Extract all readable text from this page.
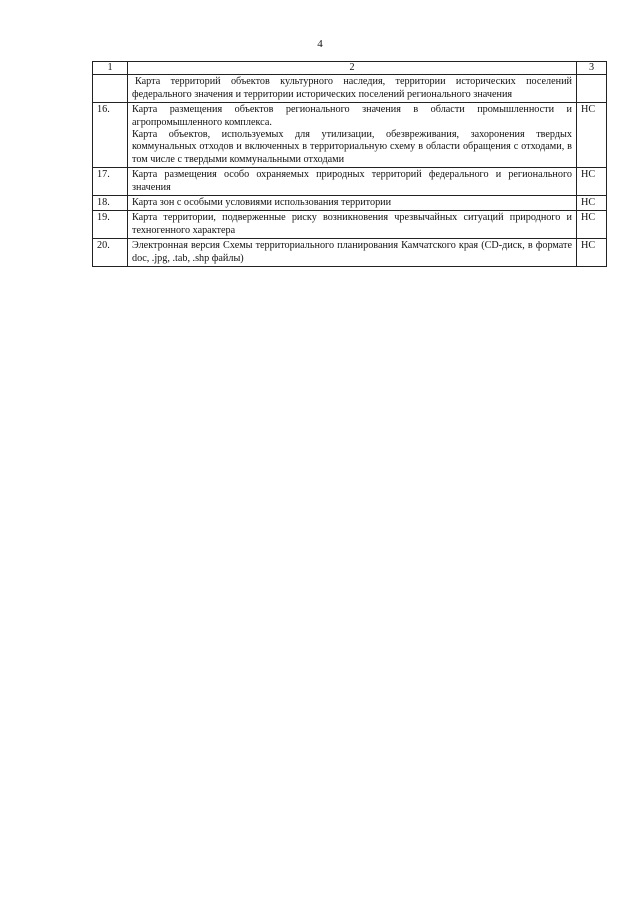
4
1	2	3

	Карта территорий объектов культурного наследия, территории исторических поселений федерального значения и территории исторических поселений регионального значения	

16.	Карта размещения объектов регионального значения в области промышленности и агропромышленного комплекса.
Карта объектов, используемых для утилизации, обезвреживания, захоронения твердых коммунальных отходов и включенных в территориальную схему в области обращения с отходами, в том числе с твердыми коммунальными отходами	НС
17.	Карта размещения особо охраняемых природных территорий федерального и регионального значения	НС
18.	Карта зон с особыми условиями использования территории	НС
19.	Карта территории, подверженные риску возникновения чрезвычайных ситуаций природного и техногенного характера	НС
20.	Электронная версия Схемы территориального планирования Камчатского края (CD-диск, в формате doc, .jpg, .tab, .shp файлы)	НС
